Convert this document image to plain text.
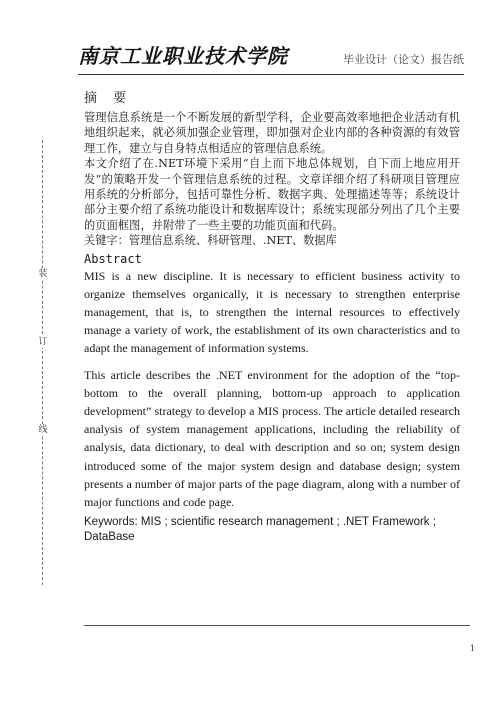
南京工业职业技术学院	毕业设计（论文）报告纸
装
订
线
摘 要

管理信息系统是一个不断发展的新型学科，企业要高效率地把企业活动有机地组织起来，就必须加强企业管理，即加强对企业内部的各种资源的有效管理工作，建立与自身特点相适应的管理信息系统。

本文介绍了在.NET环境下采用“自上而下地总体规划，自下而上地应用开发”的策略开发一个管理信息系统的过程。文章详细介绍了科研项目管理应用系统的分析部分，包括可靠性分析、数据字典、处理描述等等；系统设计部分主要介绍了系统功能设计和数据库设计；系统实现部分列出了几个主要的页面框图，并附带了一些主要的功能页面和代码。

关键字：管理信息系统、科研管理、.NET、数据库

Abstract

MIS is a new discipline. It is necessary to efficient business activity to organize themselves organically, it is necessary to strengthen enterprise management, that is, to strengthen the internal resources to effectively manage a variety of work, the establishment of its own characteristics and to adapt the management of information systems.

This article describes the .NET environment for the adoption of the “top-bottom to the overall planning, bottom-up approach to application development” strategy to develop a MIS process. The article detailed research analysis of system management applications, including the reliability of analysis, data dictionary, to deal with description and so on; system design introduced some of the major system design and database design; system presents a number of major parts of the page diagram, along with a number of major functions and code page.

Keywords: MIS ; scientific research management ; .NET Framework ; DataBase

1
